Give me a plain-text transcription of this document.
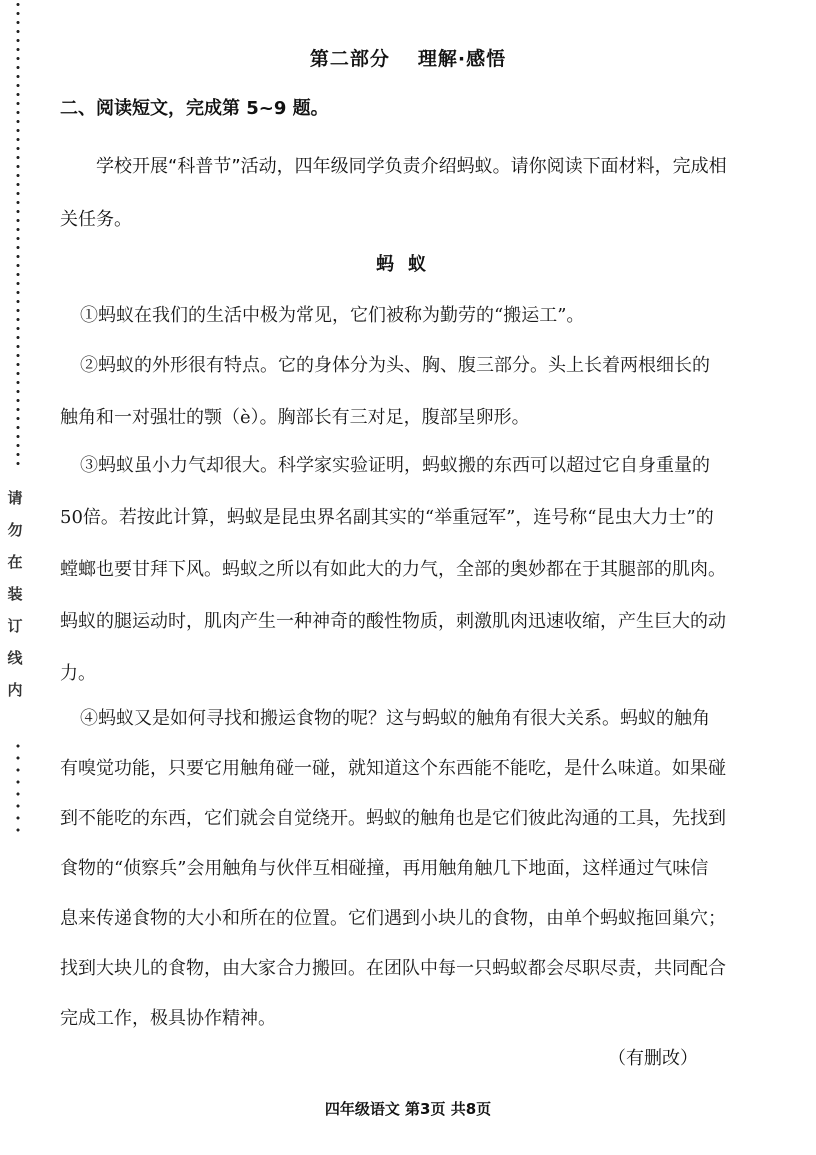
请
勿
在
装
订
线
内
第二部分 理解·感悟
二、阅读短文，完成第 5~9 题。
学校开展“科普节”活动，四年级同学负责介绍蚂蚁。请你阅读下面材料，完成相关任务。
蚂蚁
①蚂蚁在我们的生活中极为常见，它们被称为勤劳的“搬运工”。
②蚂蚁的外形很有特点。它的身体分为头、胸、腹三部分。头上长着两根细长的触角和一对强壮的颚（è）。胸部长有三对足，腹部呈卵形。
③蚂蚁虽小力气却很大。科学家实验证明，蚂蚁搬的东西可以超过它自身重量的50倍。若按此计算，蚂蚁是昆虫界名副其实的“举重冠军”，连号称“昆虫大力士”的螳螂也要甘拜下风。蚂蚁之所以有如此大的力气，全部的奥妙都在于其腿部的肌肉。蚂蚁的腿运动时，肌肉产生一种神奇的酸性物质，刺激肌肉迅速收缩，产生巨大的动力。
④蚂蚁又是如何寻找和搬运食物的呢？这与蚂蚁的触角有很大关系。蚂蚁的触角有嗅觉功能，只要它用触角碰一碰，就知道这个东西能不能吃，是什么味道。如果碰到不能吃的东西，它们就会自觉绕开。蚂蚁的触角也是它们彼此沟通的工具，先找到食物的“侦察兵”会用触角与伙伴互相碰撞，再用触角触几下地面，这样通过气味信息来传递食物的大小和所在的位置。它们遇到小块儿的食物，由单个蚂蚁拖回巢穴；找到大块儿的食物，由大家合力搬回。在团队中每一只蚂蚁都会尽职尽责，共同配合完成工作，极具协作精神。
（有删改）
四年级语文 第3页 共8页
